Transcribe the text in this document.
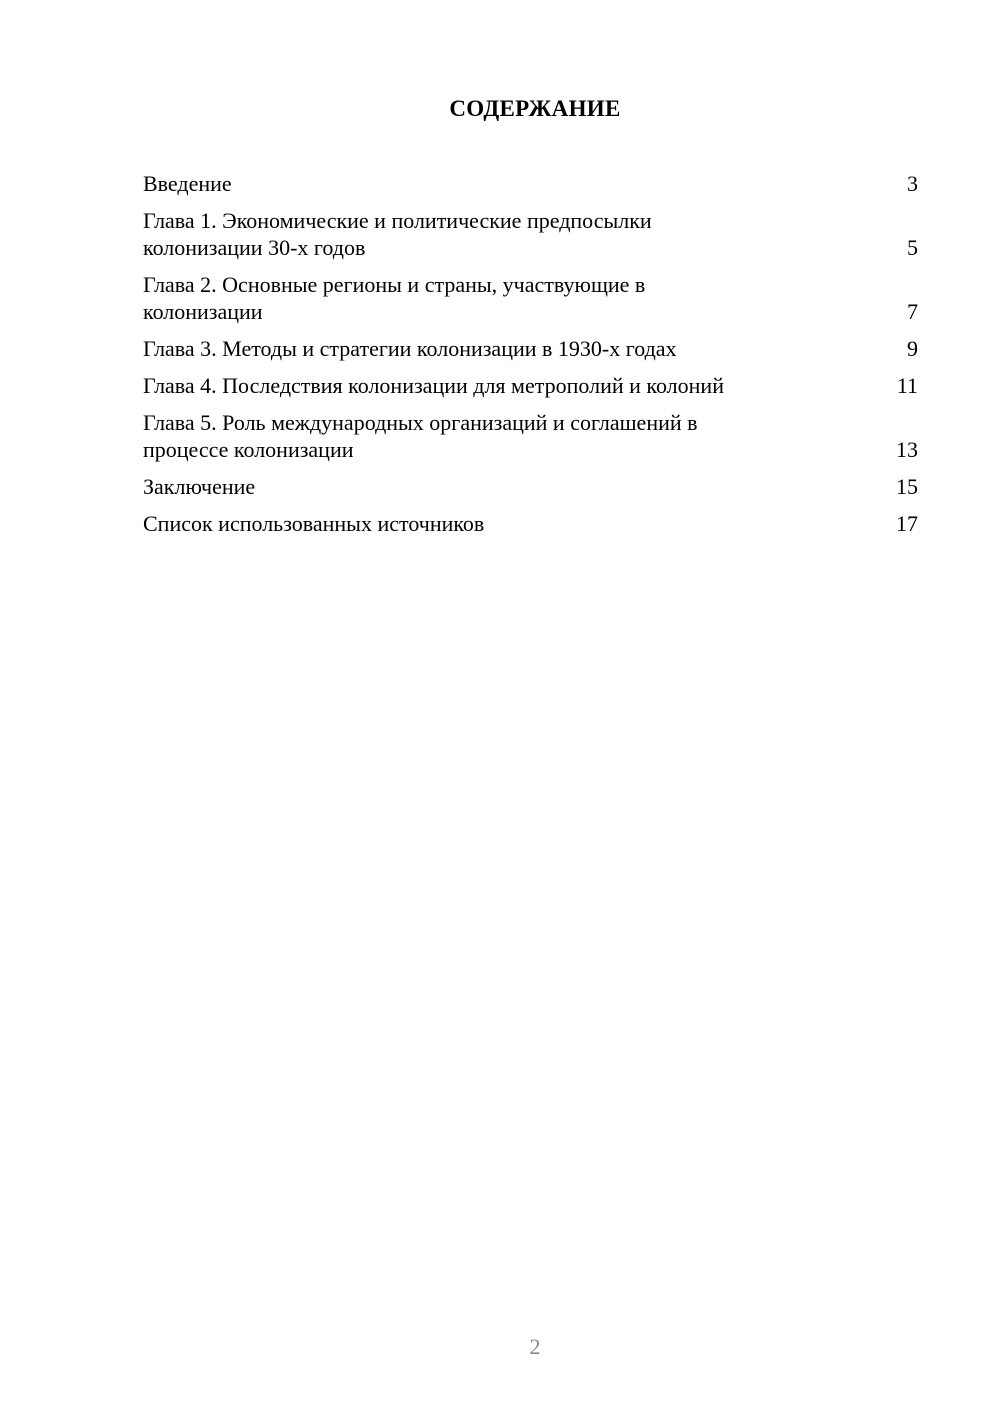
СОДЕРЖАНИЕ
Введение	3
Глава 1. Экономические и политические предпосылки
колонизации 30-х годов	5
Глава 2. Основные регионы и страны, участвующие в
колонизации	7
Глава 3. Методы и стратегии колонизации в 1930-х годах	9
Глава 4. Последствия колонизации для метрополий и колоний	11
Глава 5. Роль международных организаций и соглашений в
процессе колонизации	13
Заключение	15
Список использованных источников	17
2
